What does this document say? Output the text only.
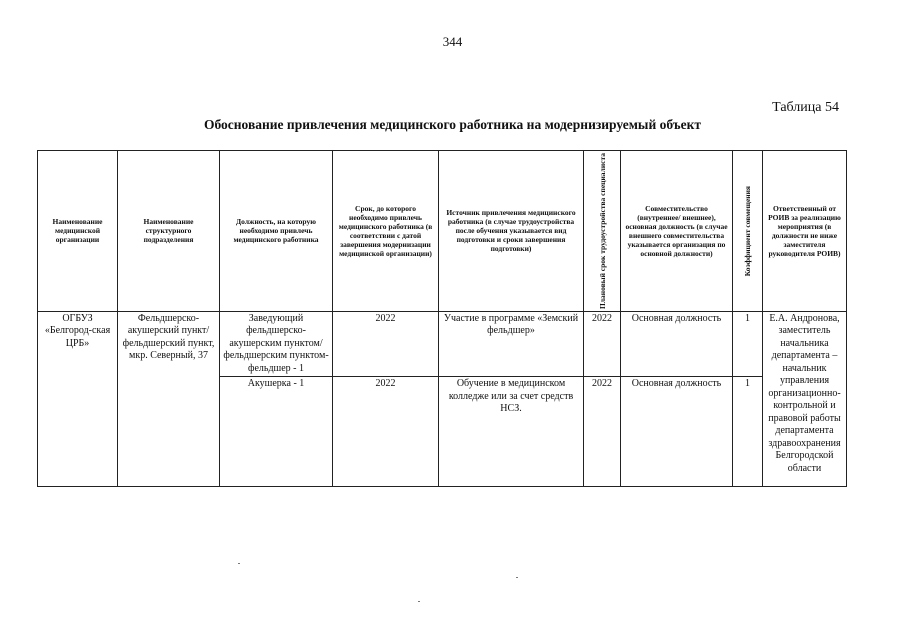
344
Таблица 54
Обоснование привлечения медицинского работника на модернизируемый объект
Наименование медицинской организации	Наименование структурного подразделения	Должность, на которую необходимо привлечь медицинского работника	Срок, до которого необходимо привлечь медицинского работника (в соответствии с датой завершения модернизации медицинской организации)	Источник привлечения медицинского работника (в случае трудоустройства после обучения указывается вид подготовки и сроки завершения подготовки)	Плановый срок трудоустройства специалиста	Совместительство (внутреннее/ внешнее), основная должность (в случае внешнего совместительства указывается организация по основной должности)	Коэффициент совмещения	Ответственный от РОИВ за реализацию мероприятия (в должности не ниже заместителя руководителя РОИВ)
ОГБУЗ «Белгород-ская ЦРБ»	Фельдшерско-акушерский пункт/ фельдшерский пункт, мкр. Северный, 37	Заведующий фельдшерско-акушерским пунктом/фельдшерским пунктом- фельдшер - 1	2022	Участие в программе «Земский фельдшер»	2022	Основная должность	1	Е.А. Андронова, заместитель начальника департамента – начальник управления организационно-контрольной и правовой работы департамента здравоохранения Белгородской области
		Акушерка - 1	2022	Обучение в медицинском колледже или за счет средств НСЗ.	2022	Основная должность	1	
